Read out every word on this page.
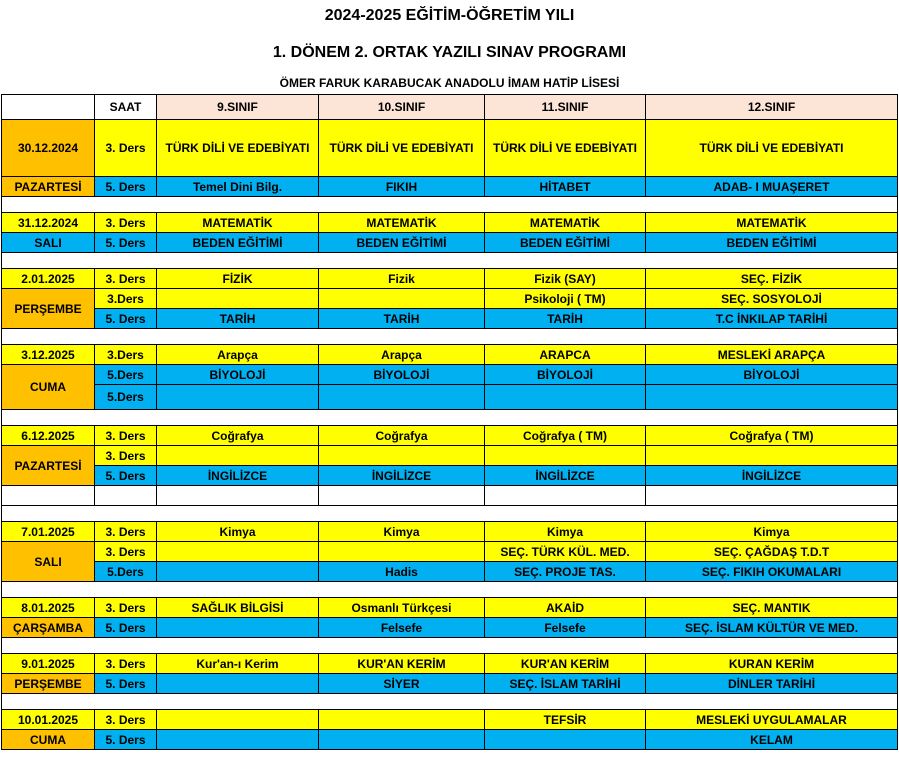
2024-2025 EĞİTİM-ÖĞRETİM YILI
1. DÖNEM 2. ORTAK YAZILI SINAV PROGRAMI
ÖMER FARUK KARABUCAK ANADOLU İMAM HATİP LİSESİ
	SAAT	9.SINIF	10.SINIF	11.SINIF	12.SINIF
30.12.2024	3. Ders	TÜRK DİLİ VE EDEBİYATI	TÜRK DİLİ VE EDEBİYATI	TÜRK DİLİ VE EDEBİYATI	TÜRK DİLİ VE EDEBİYATI
PAZARTESİ	5. Ders	Temel Dini Bilg.	FIKIH	HİTABET	ADAB- I MUAŞERET

31.12.2024	3. Ders	MATEMATİK	MATEMATİK	MATEMATİK	MATEMATİK
SALI	5. Ders	BEDEN EĞİTİMİ	BEDEN EĞİTİMİ	BEDEN EĞİTİMİ	BEDEN EĞİTİMİ

2.01.2025	3. Ders	FİZİK	Fizik	Fizik (SAY)	SEÇ. FİZİK
PERŞEMBE	3.Ders			Psikoloji ( TM)	SEÇ. SOSYOLOJİ
	5. Ders	TARİH	TARİH	TARİH	T.C İNKILAP TARİHİ

3.12.2025	3.Ders	Arapça	Arapça	ARAPCA	MESLEKİ ARAPÇA
CUMA	5.Ders	BİYOLOJİ	BİYOLOJİ	BİYOLOJİ	BİYOLOJİ
	5.Ders				

6.12.2025	3. Ders	Coğrafya	Coğrafya	Coğrafya ( TM)	Coğrafya ( TM)
PAZARTESİ	3. Ders				
	5. Ders	İNGİLİZCE	İNGİLİZCE	İNGİLİZCE	İNGİLİZCE

7.01.2025	3. Ders	Kimya	Kimya	Kimya	Kimya
SALI	3. Ders			SEÇ. TÜRK KÜL. MED.	SEÇ. ÇAĞDAŞ T.D.T
	5.Ders		Hadis	SEÇ. PROJE TAS.	SEÇ. FIKIH OKUMALARI

8.01.2025	3. Ders	SAĞLIK BİLGİSİ	Osmanlı Türkçesi	AKAİD	SEÇ. MANTIK
ÇARŞAMBA	5. Ders		Felsefe	Felsefe	SEÇ. İSLAM KÜLTÜR VE MED.

9.01.2025	3. Ders	Kur'an-ı Kerim	KUR'AN KERİM	KUR'AN KERİM	KURAN KERİM
PERŞEMBE	5. Ders		SİYER	SEÇ. İSLAM TARİHİ	DİNLER TARİHİ

10.01.2025	3. Ders			TEFSİR	MESLEKİ UYGULAMALAR
CUMA	5. Ders				KELAM
